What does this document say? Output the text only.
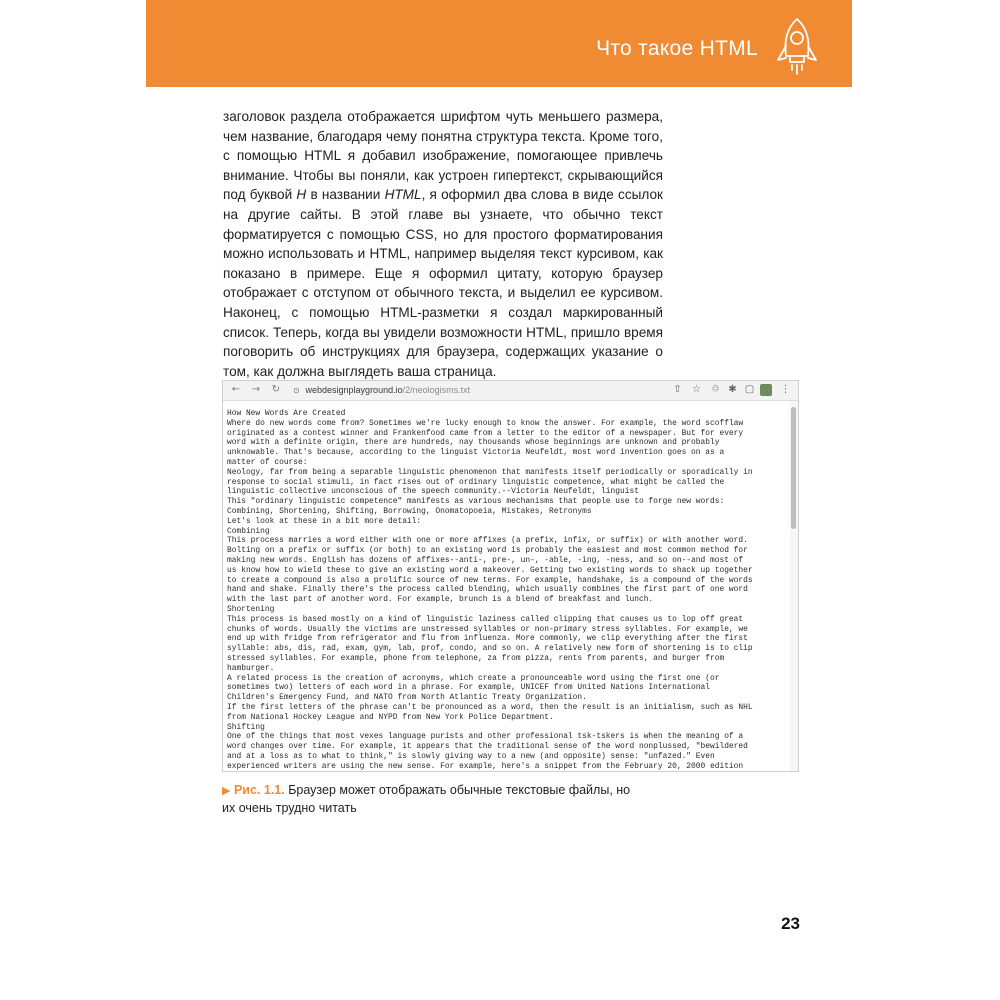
Что такое HTML

заголовок раздела отображается шрифтом чуть меньшего размера, чем название, благодаря чему понятна структура текста. Кроме того, с помощью HTML я добавил изображение, помогающее привлечь внимание. Чтобы вы поняли, как устроен гипертекст, скрывающийся под буквой H в названии HTML, я оформил два слова в виде ссылок на другие сайты. В этой главе вы узнаете, что обычно текст форматируется с помощью CSS, но для простого форматирования можно использовать и HTML, например выделяя текст курсивом, как показано в примере. Еще я оформил цитату, которую браузер отображает с отступом от обычного текста, и выделил ее курсивом. Наконец, с помощью HTML-разметки я создал маркированный список. Теперь, когда вы увидели возможности HTML, пришло время поговорить об инструкциях для браузера, содержащих указание о том, как должна выглядеть ваша страница.

← → ↻	⊙ webdesignplayground.io/2/neologisms.txt	⇧ ☆ ♲ ✱ ▢	⋮
How New Words Are Created
Where do new words come from? Sometimes we're lucky enough to know the answer. For example, the word scofflaw
originated as a contest winner and Frankenfood came from a letter to the editor of a newspaper. But for every
word with a definite origin, there are hundreds, nay thousands whose beginnings are unknown and probably
unknowable. That's because, according to the linguist Victoria Neufeldt, most word invention goes on as a
matter of course:
Neology, far from being a separable linguistic phenomenon that manifests itself periodically or sporadically in
response to social stimuli, in fact rises out of ordinary linguistic competence, what might be called the
linguistic collective unconscious of the speech community.--Victoria Neufeldt, linguist
This "ordinary linguistic competence" manifests as various mechanisms that people use to forge new words:
Combining, Shortening, Shifting, Borrowing, Onomatopoeia, Mistakes, Retronyms
Let's look at these in a bit more detail:
Combining
This process marries a word either with one or more affixes (a prefix, infix, or suffix) or with another word.
Bolting on a prefix or suffix (or both) to an existing word is probably the easiest and most common method for
making new words. English has dozens of affixes--anti-, pre-, un-, -able, -ing, -ness, and so on--and most of
us know how to wield these to give an existing word a makeover. Getting two existing words to shack up together
to create a compound is also a prolific source of new terms. For example, handshake, is a compound of the words
hand and shake. Finally there's the process called blending, which usually combines the first part of one word
with the last part of another word. For example, brunch is a blend of breakfast and lunch.
Shortening
This process is based mostly on a kind of linguistic laziness called clipping that causes us to lop off great
chunks of words. Usually the victims are unstressed syllables or non-primary stress syllables. For example, we
end up with fridge from refrigerator and flu from influenza. More commonly, we clip everything after the first
syllable: abs, dis, rad, exam, gym, lab, prof, condo, and so on. A relatively new form of shortening is to clip
stressed syllables. For example, phone from telephone, za from pizza, rents from parents, and burger from
hamburger.
A related process is the creation of acronyms, which create a pronounceable word using the first one (or
sometimes two) letters of each word in a phrase. For example, UNICEF from United Nations International
Children's Emergency Fund, and NATO from North Atlantic Treaty Organization.
If the first letters of the phrase can't be pronounced as a word, then the result is an initialism, such as NHL
from National Hockey League and NYPD from New York Police Department.
Shifting
One of the things that most vexes language purists and other professional tsk-tskers is when the meaning of a
word changes over time. For example, it appears that the traditional sense of the word nonplussed, "bewildered
and at a loss as to what to think," is slowly giving way to a new (and opposite) sense: "unfazed." Even
experienced writers are using the new sense. For example, here's a snippet from the February 20, 2000 edition
▶ Рис. 1.1. Браузер может отображать обычные текстовые файлы, но их очень трудно читать
23
